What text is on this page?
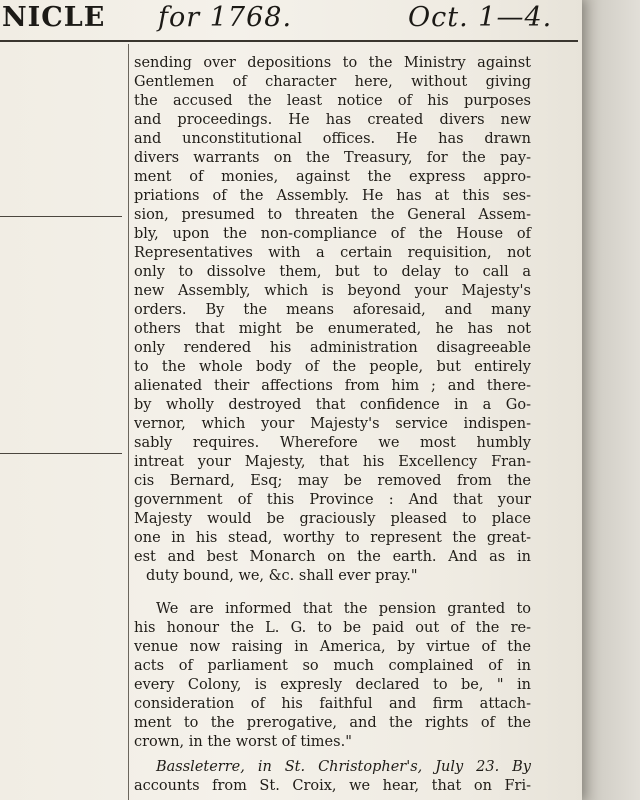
NICLE for 1768.	Oct. 1—4.
sending over depositions to the Ministry against
Gentlemen of character here, without giving
the accused the least notice of his purposes
and proceedings. He has created divers new
and unconstitutional offices. He has drawn
divers warrants on the Treasury, for the pay-
ment of monies, against the express appro-
priations of the Assembly. He has at this ses-
sion, presumed to threaten the General Assem-
bly, upon the non-compliance of the House of
Representatives with a certain requisition, not
only to dissolve them, but to delay to call a
new Assembly, which is beyond your Majesty's
orders. By the means aforesaid, and many
others that might be enumerated, he has not
only rendered his administration disagreeable
to the whole body of the people, but entirely
alienated their affections from him ; and there-
by wholly destroyed that confidence in a Go-
vernor, which your Majesty's service indispen-
sably requires. Wherefore we most humbly
intreat your Majesty, that his Excellency Fran-
cis Bernard, Esq; may be removed from the
government of this Province : And that your
Majesty would be graciously pleased to place
one in his stead, worthy to represent the great-
est and best Monarch on the earth. And as in
duty bound, we, &c. shall ever pray."
We are informed that the pension granted to
his honour the L. G. to be paid out of the re-
venue now raising in America, by virtue of the
acts of parliament so much complained of in
every Colony, is expresly declared to be, " in
consideration of his faithful and firm attach-
ment to the prerogative, and the rights of the
crown, in the worst of times."
Bassleterre, in St. Christopher's, July 23. By
accounts from St. Croix, we hear, that on Fri-
